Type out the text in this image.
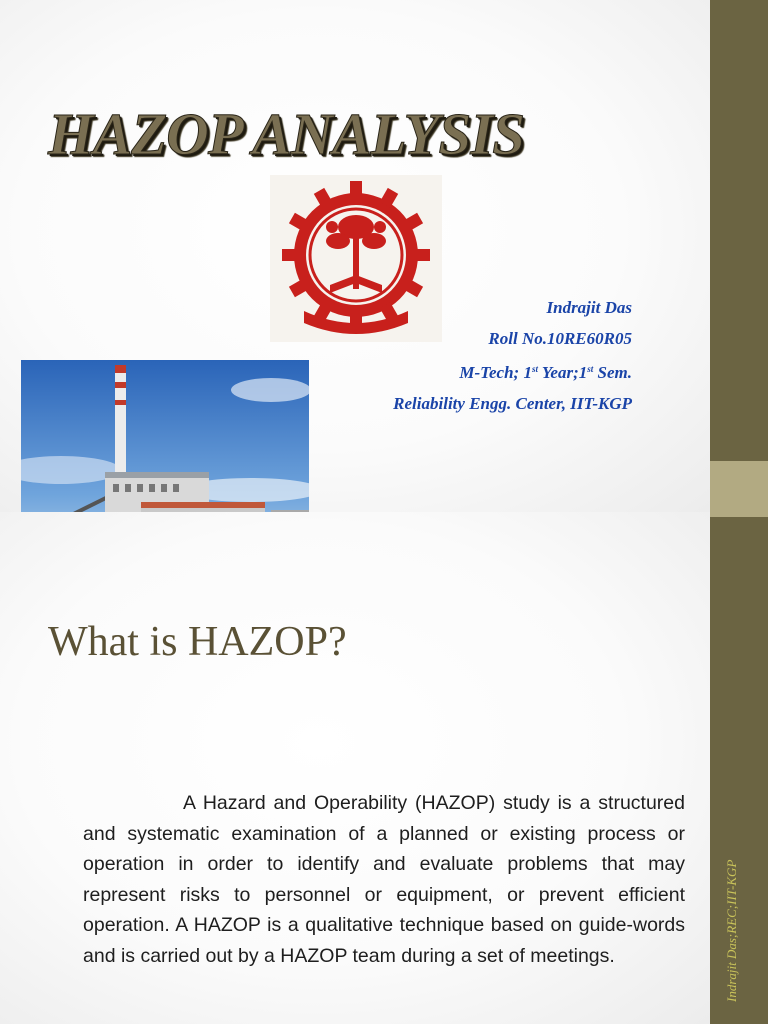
HAZOP ANALYSIS
Indrajit Das
Roll No.10RE60R05
M-Tech; 1st Year;1st Sem.
Reliability Engg. Center, IIT-KGP
What is HAZOP?
A Hazard and Operability (HAZOP) study is a structured and systematic examination of a planned or existing process or operation in order to identify and evaluate problems that may represent risks to personnel or equipment, or prevent efficient operation. A HAZOP is a qualitative technique based on guide-words and is carried out by a HAZOP team during a set of meetings.	Indrajit Das;REC;IIT-KGP
